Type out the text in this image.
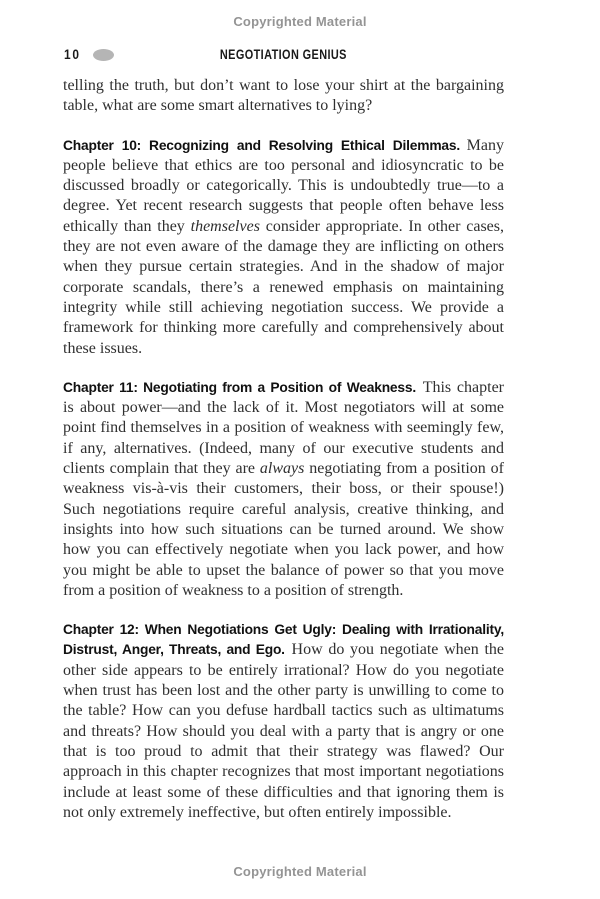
Copyrighted Material
10	NEGOTIATION GENIUS

telling the truth, but don’t want to lose your shirt at the bargaining table, what are some smart alternatives to lying?

Chapter 10: Recognizing and Resolving Ethical Dilemmas. Many people believe that ethics are too personal and idiosyncratic to be discussed broadly or categorically. This is undoubtedly true—to a degree. Yet recent research suggests that people often behave less ethically than they themselves consider appropriate. In other cases, they are not even aware of the damage they are inflicting on others when they pursue certain strategies. And in the shadow of major corporate scandals, there’s a renewed emphasis on maintaining integrity while still achieving negotiation success. We provide a framework for thinking more carefully and comprehensively about these issues.

Chapter 11: Negotiating from a Position of Weakness. This chapter is about power—and the lack of it. Most negotiators will at some point find themselves in a position of weakness with seemingly few, if any, alternatives. (Indeed, many of our executive students and clients complain that they are always negotiating from a position of weakness vis-à-vis their customers, their boss, or their spouse!) Such negotiations require careful analysis, creative thinking, and insights into how such situations can be turned around. We show how you can effectively negotiate when you lack power, and how you might be able to upset the balance of power so that you move from a position of weakness to a position of strength.

Chapter 12: When Negotiations Get Ugly: Dealing with Irrationality, Distrust, Anger, Threats, and Ego. How do you negotiate when the other side appears to be entirely irrational? How do you negotiate when trust has been lost and the other party is unwilling to come to the table? How can you defuse hardball tactics such as ultimatums and threats? How should you deal with a party that is angry or one that is too proud to admit that their strategy was flawed? Our approach in this chapter recognizes that most important negotiations include at least some of these difficulties and that ignoring them is not only extremely ineffective, but often entirely impossible.

Copyrighted Material
